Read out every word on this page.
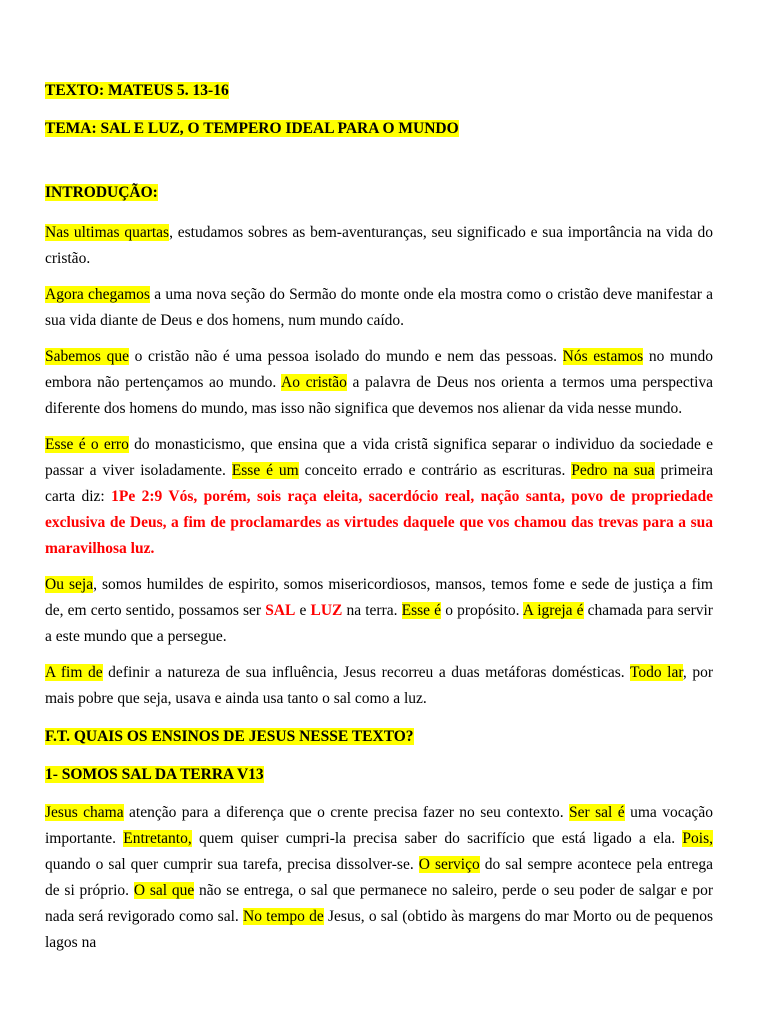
TEXTO: MATEUS 5. 13-16

TEMA: SAL E LUZ, O TEMPERO IDEAL PARA O MUNDO

INTRODUÇÃO:

Nas ultimas quartas, estudamos sobres as bem-aventuranças, seu significado e sua importância na vida do cristão.

Agora chegamos a uma nova seção do Sermão do monte onde ela mostra como o cristão deve manifestar a sua vida diante de Deus e dos homens, num mundo caído.

Sabemos que o cristão não é uma pessoa isolado do mundo e nem das pessoas. Nós estamos no mundo embora não pertençamos ao mundo. Ao cristão a palavra de Deus nos orienta a termos uma perspectiva diferente dos homens do mundo, mas isso não significa que devemos nos alienar da vida nesse mundo.

Esse é o erro do monasticismo, que ensina que a vida cristã significa separar o individuo da sociedade e passar a viver isoladamente. Esse é um conceito errado e contrário as escrituras. Pedro na sua primeira carta diz: 1Pe 2:9 Vós, porém, sois raça eleita, sacerdócio real, nação santa, povo de propriedade exclusiva de Deus, a fim de proclamardes as virtudes daquele que vos chamou das trevas para a sua maravilhosa luz.

Ou seja, somos humildes de espirito, somos misericordiosos, mansos, temos fome e sede de justiça a fim de, em certo sentido, possamos ser SAL e LUZ na terra. Esse é o propósito. A igreja é chamada para servir a este mundo que a persegue.

A fim de definir a natureza de sua influência, Jesus recorreu a duas metáforas domésticas. Todo lar, por mais pobre que seja, usava e ainda usa tanto o sal como a luz.

F.T. QUAIS OS ENSINOS DE JESUS NESSE TEXTO?

1- SOMOS SAL DA TERRA V13

Jesus chama atenção para a diferença que o crente precisa fazer no seu contexto. Ser sal é uma vocação importante. Entretanto, quem quiser cumpri-la precisa saber do sacrifício que está ligado a ela. Pois, quando o sal quer cumprir sua tarefa, precisa dissolver-se. O serviço do sal sempre acontece pela entrega de si próprio. O sal que não se entrega, o sal que permanece no saleiro, perde o seu poder de salgar e por nada será revigorado como sal. No tempo de Jesus, o sal (obtido às margens do mar Morto ou de pequenos lagos na
